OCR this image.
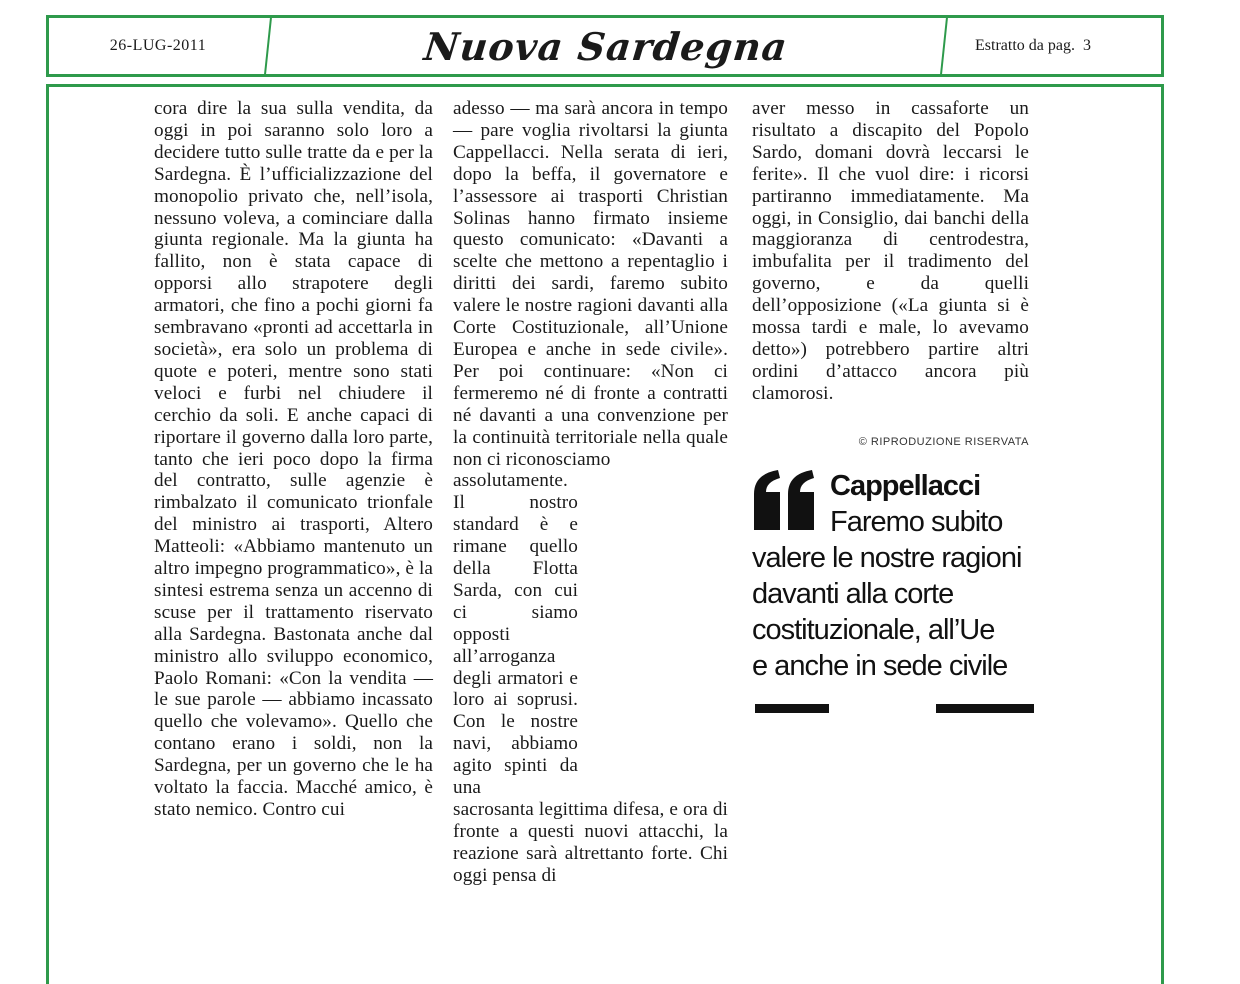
26-LUG-2011	Nuova Sardegna	Estratto da pag. 3

cora dire la sua sulla vendita, da oggi in poi saranno solo loro a decidere tutto sulle tratte da e per la Sardegna. È l’ufficializzazione del monopolio privato che, nell’isola, nessuno voleva, a cominciare dalla giunta regionale. Ma la giunta ha fallito, non è stata capace di opporsi allo strapotere degli armatori, che fino a pochi giorni fa sembravano «pronti ad accettarla in società», era solo un problema di quote e poteri, mentre sono stati veloci e furbi nel chiudere il cerchio da soli. E anche capaci di riportare il governo dalla loro parte, tanto che ieri poco dopo la firma del contratto, sulle agenzie è rimbalzato il comunicato trionfale del ministro ai trasporti, Altero Matteoli: «Abbiamo mantenuto un altro impegno programmatico», è la sintesi estrema senza un accenno di scuse per il trattamento riservato alla Sardegna. Bastonata anche dal ministro allo sviluppo economico, Paolo Romani: «Con la vendita — le sue parole — abbiamo incassato quello che volevamo». Quello che contano erano i soldi, non la Sardegna, per un governo che le ha voltato la faccia. Macché amico, è stato nemico. Contro cui

adesso — ma sarà ancora in tempo — pare voglia rivoltarsi la giunta Cappellacci. Nella serata di ieri, dopo la beffa, il governatore e l’assessore ai trasporti Christian Solinas hanno firmato insieme questo comunicato: «Davanti a scelte che mettono a repentaglio i diritti dei sardi, faremo subito valere le nostre ragioni davanti alla Corte Costituzionale, all’Unione Europea e anche in sede civile». Per poi continuare: «Non ci fermeremo né di fronte a contratti né davanti a una convenzione per la continuità territoriale nella quale non ci riconosciamo

assolutamente. Il nostro standard è e rimane quello della Flotta Sarda, con cui ci siamo opposti all’arroganza degli armatori e loro ai soprusi. Con le nostre navi, abbiamo agito spinti da una

sacrosanta legittima difesa, e ora di fronte a questi nuovi attacchi, la reazione sarà altrettanto forte. Chi oggi pensa di

aver messo in cassaforte un risultato a discapito del Popolo Sardo, domani dovrà leccarsi le ferite». Il che vuol dire: i ricorsi partiranno immediatamente. Ma oggi, in Consiglio, dai banchi della maggioranza di centrodestra, imbufalita per il tradimento del governo, e da quelli dell’opposizione («La giunta si è mossa tardi e male, lo avevamo detto») potrebbero partire altri ordini d’attacco ancora più clamorosi.

© RIPRODUZIONE RISERVATA
Cappellacci
Faremo subito
valere le nostre ragioni
davanti alla corte
costituzionale, all’Ue
e anche in sede civile
